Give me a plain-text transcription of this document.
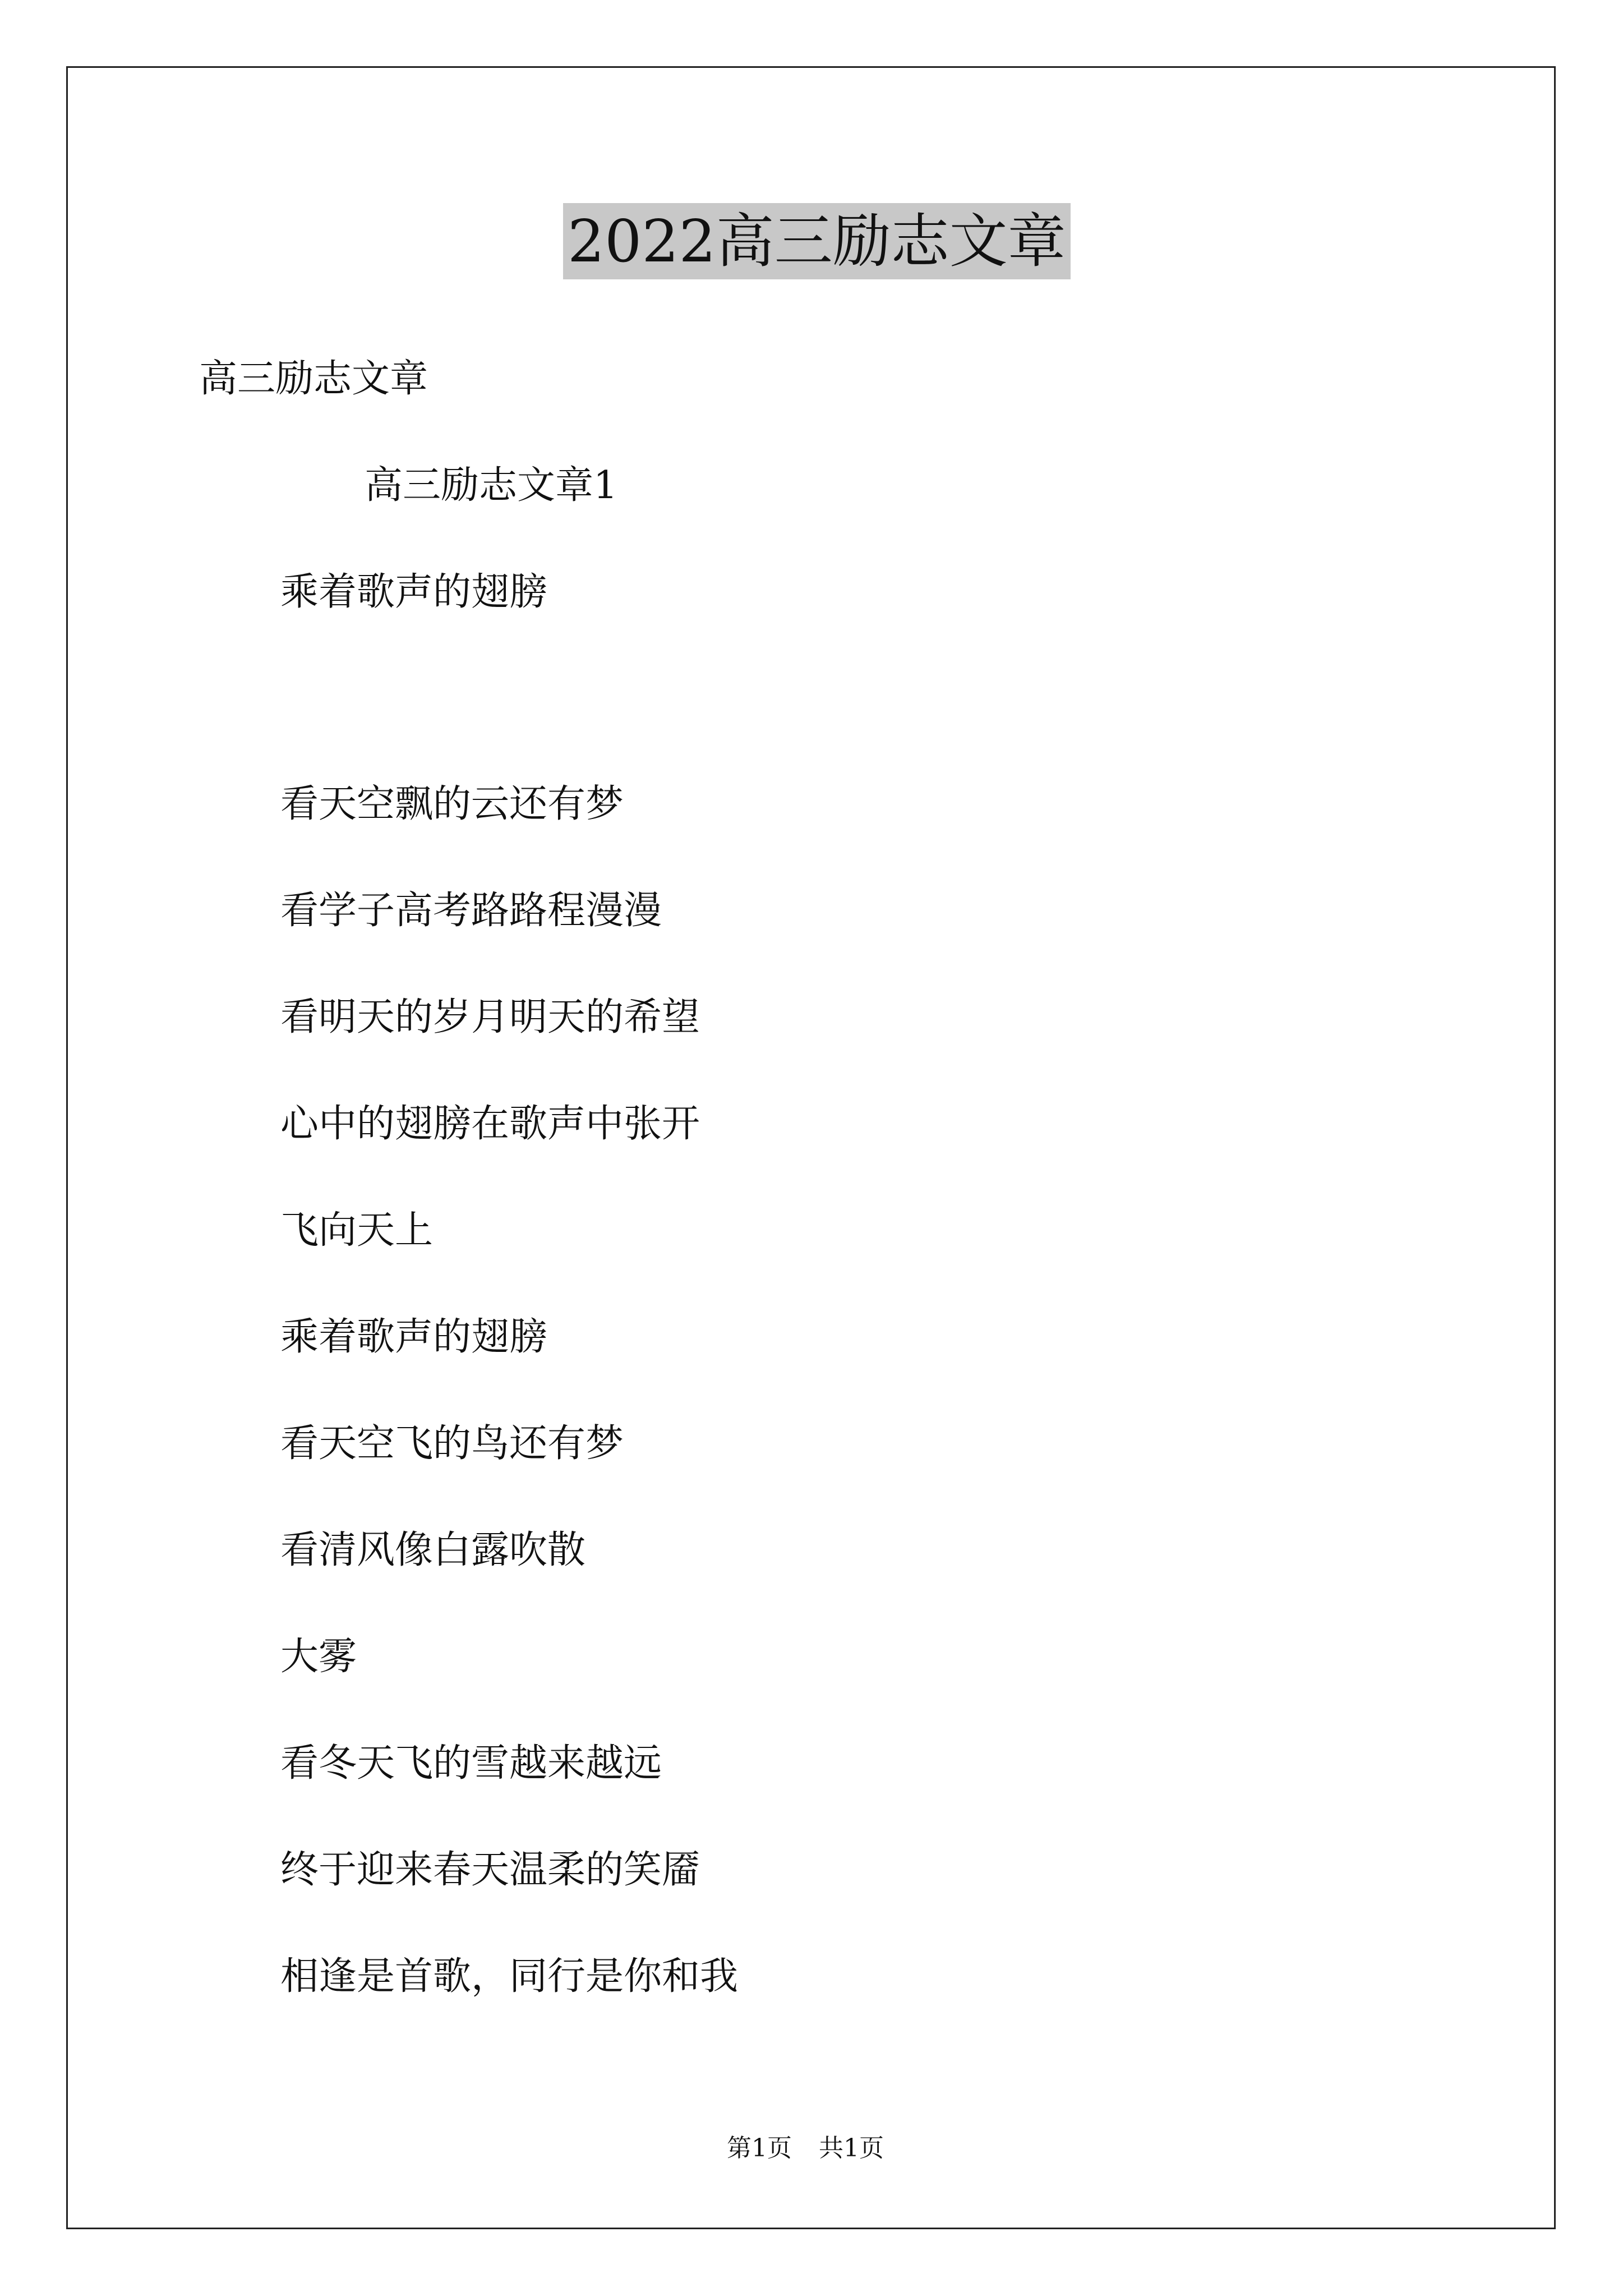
2022高三励志文章
高三励志文章
高三励志文章1
乘着歌声的翅膀
看天空飘的云还有梦
看学子高考路路程漫漫
看明天的岁月明天的希望
心中的翅膀在歌声中张开
飞向天上
乘着歌声的翅膀
看天空飞的鸟还有梦
看清风像白露吹散
大雾
看冬天飞的雪越来越远
终于迎来春天温柔的笑靥
相逢是首歌，同行是你和我
第1页 共1页
